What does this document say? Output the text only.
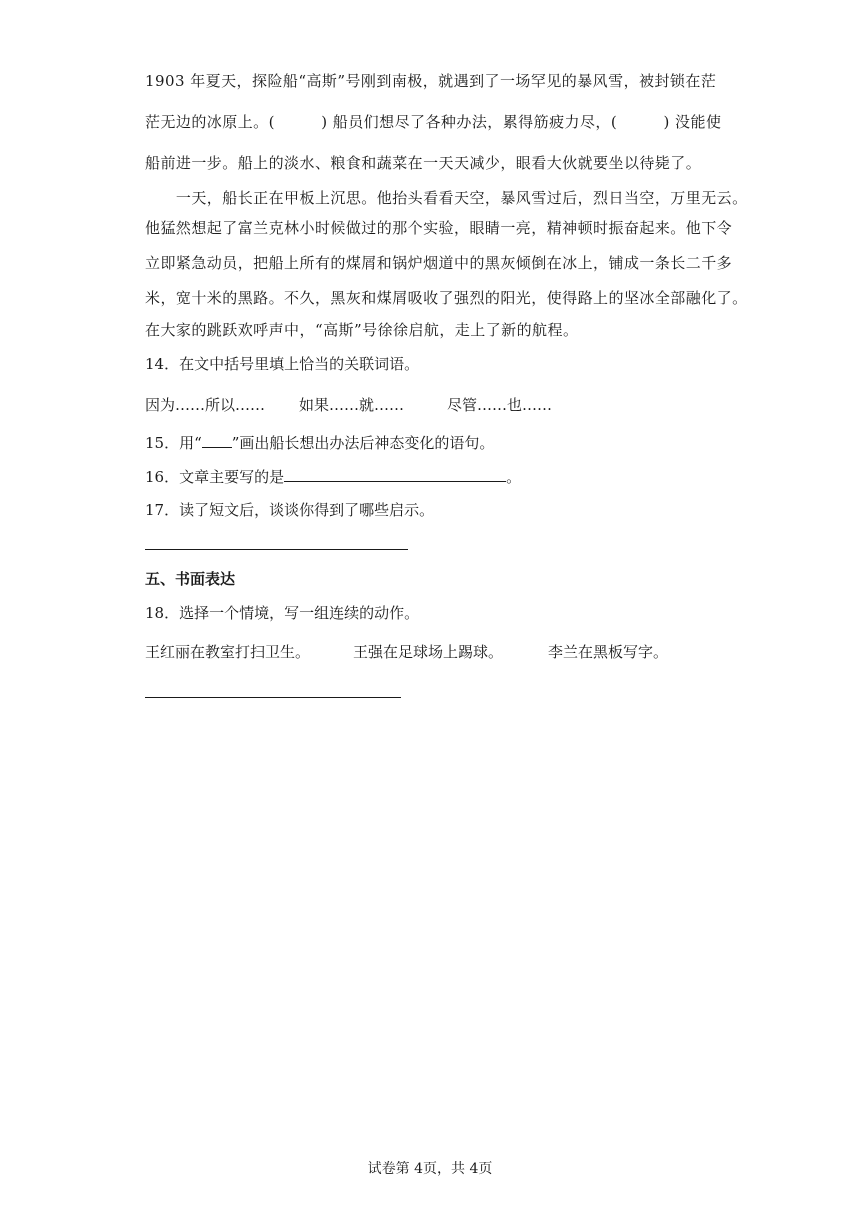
1903 年夏天，探险船“高斯”号刚到南极，就遇到了一场罕见的暴风雪，被封锁在茫
茫无边的冰原上。(　　　) 船员们想尽了各种办法，累得筋疲力尽，(　　　) 没能使
船前进一步。船上的淡水、粮食和蔬菜在一天天减少，眼看大伙就要坐以待毙了。
　　一天，船长正在甲板上沉思。他抬头看看天空，暴风雪过后，烈日当空，万里无云。
他猛然想起了富兰克林小时候做过的那个实验，眼睛一亮，精神顿时振奋起来。他下令
立即紧急动员，把船上所有的煤屑和锅炉烟道中的黑灰倾倒在冰上，铺成一条长二千多
米，宽十米的黑路。不久，黑灰和煤屑吸收了强烈的阳光，使得路上的坚冰全部融化了。
在大家的跳跃欢呼声中，“高斯”号徐徐启航，走上了新的航程。
14．在文中括号里填上恰当的关联词语。
因为……所以…… 如果……就……	尽管……也……
15．用“ ”画出船长想出办法后神态变化的语句。
16．文章主要写的是	。
17．读了短文后，谈谈你得到了哪些启示。
五、书面表达
18．选择一个情境，写一组连续的动作。
王红丽在教室打扫卫生。	王强在足球场上踢球。	李兰在黑板写字。
试卷第 4页，共 4页
